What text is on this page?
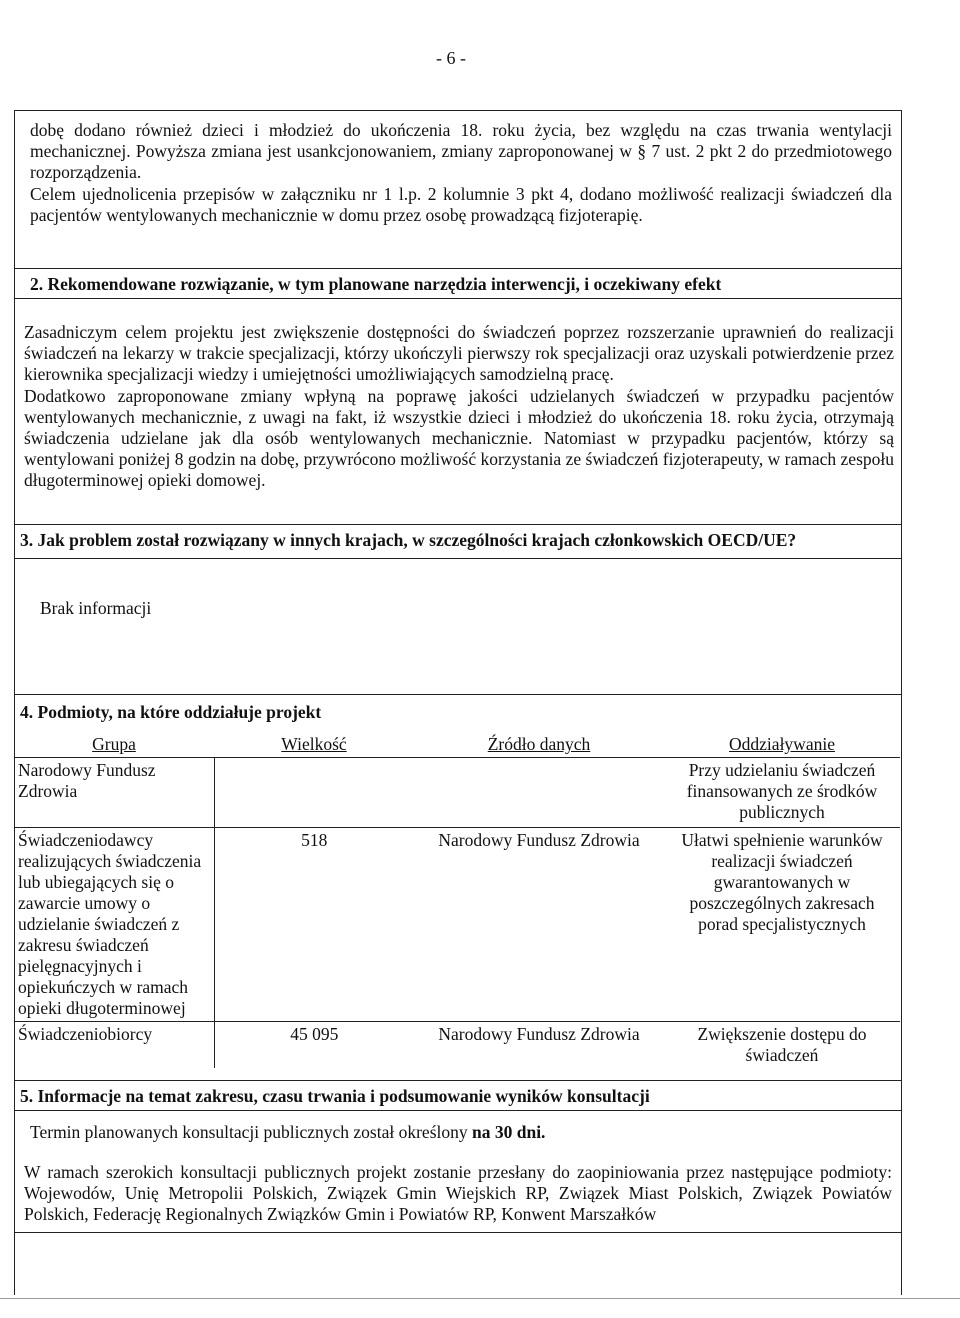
- 6 -

dobę dodano również dzieci i młodzież do ukończenia 18. roku życia, bez względu na czas trwania wentylacji mechanicznej. Powyższa zmiana jest usankcjonowaniem, zmiany zaproponowanej w § 7 ust. 2 pkt 2 do przedmiotowego rozporządzenia.

Celem ujednolicenia przepisów w załączniku nr 1 l.p. 2 kolumnie 3 pkt 4, dodano możliwość realizacji świadczeń dla pacjentów wentylowanych mechanicznie w domu przez osobę prowadzącą fizjoterapię.

2. Rekomendowane rozwiązanie, w tym planowane narzędzia interwencji, i oczekiwany efekt

Zasadniczym celem projektu jest zwiększenie dostępności do świadczeń poprzez rozszerzanie uprawnień do realizacji świadczeń na lekarzy w trakcie specjalizacji, którzy ukończyli pierwszy rok specjalizacji oraz uzyskali potwierdzenie przez kierownika specjalizacji wiedzy i umiejętności umożliwiających samodzielną pracę.

Dodatkowo zaproponowane zmiany wpłyną na poprawę jakości udzielanych świadczeń w przypadku pacjentów wentylowanych mechanicznie, z uwagi na fakt, iż wszystkie dzieci i młodzież do ukończenia 18. roku życia, otrzymają świadczenia udzielane jak dla osób wentylowanych mechanicznie. Natomiast w przypadku pacjentów, którzy są wentylowani poniżej 8 godzin na dobę, przywrócono możliwość korzystania ze świadczeń fizjoterapeuty, w ramach zespołu długoterminowej opieki domowej.

3. Jak problem został rozwiązany w innych krajach, w szczególności krajach członkowskich OECD/UE?

Brak informacji

4. Podmioty, na które oddziałuje projekt
Grupa	Wielkość	Źródło danych	Oddziaływanie
Narodowy Fundusz Zdrowia			Przy udzielaniu świadczeń finansowanych ze środków publicznych
Świadczeniodawcy realizujących świadczenia lub ubiegających się o zawarcie umowy o udzielanie świadczeń z zakresu świadczeń pielęgnacyjnych i opiekuńczych w ramach opieki długoterminowej	518	Narodowy Fundusz Zdrowia	Ułatwi spełnienie warunków realizacji świadczeń gwarantowanych w poszczególnych zakresach porad specjalistycznych
Świadczeniobiorcy	45 095	Narodowy Fundusz Zdrowia	Zwiększenie dostępu do świadczeń
5. Informacje na temat zakresu, czasu trwania i podsumowanie wyników konsultacji

Termin planowanych konsultacji publicznych został określony na 30 dni.

W ramach szerokich konsultacji publicznych projekt zostanie przesłany do zaopiniowania przez następujące podmioty: Wojewodów, Unię Metropolii Polskich, Związek Gmin Wiejskich RP, Związek Miast Polskich, Związek Powiatów Polskich, Federację Regionalnych Związków Gmin i Powiatów RP, Konwent Marszałków
